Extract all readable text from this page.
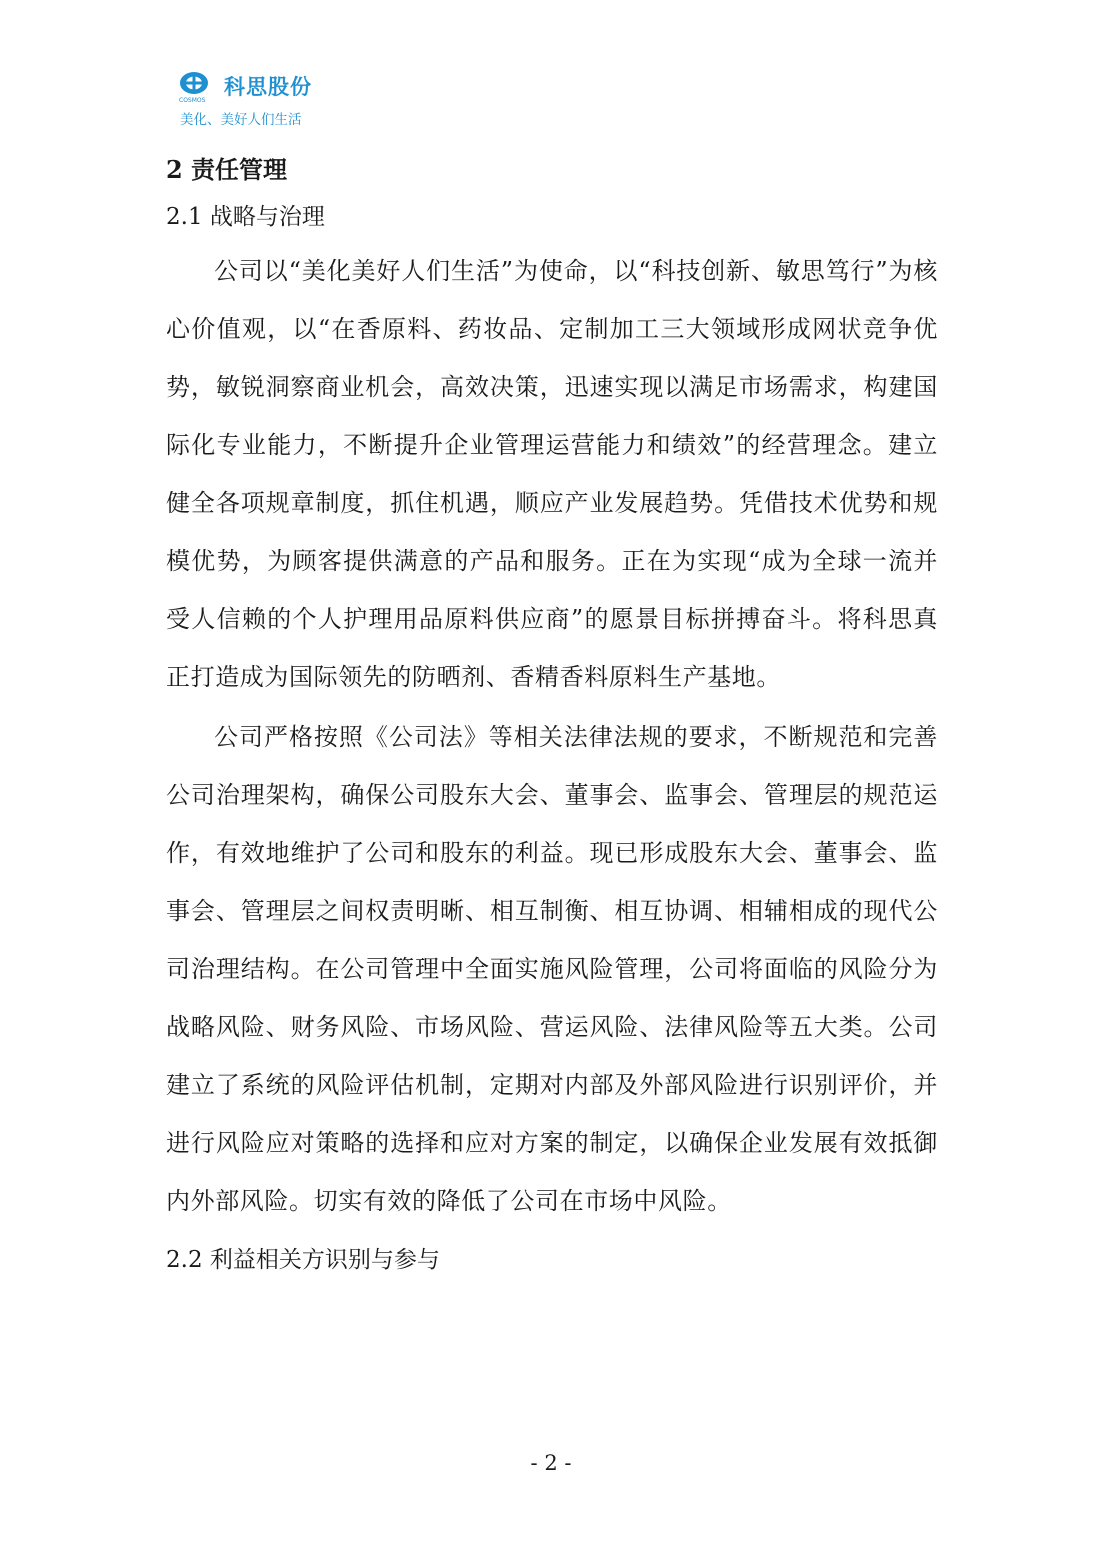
COSMOS
科思股份
美化、美好人们生活
2 责任管理
2.1 战略与治理

公司以“美化美好人们生活”为使命，以“科技创新、敏思笃行”为核心价值观，以“在香原料、药妆品、定制加工三大领域形成网状竞争优势，敏锐洞察商业机会，高效决策，迅速实现以满足市场需求，构建国际化专业能力，不断提升企业管理运营能力和绩效”的经营理念。建立健全各项规章制度，抓住机遇，顺应产业发展趋势。凭借技术优势和规模优势，为顾客提供满意的产品和服务。正在为实现“成为全球一流并受人信赖的个人护理用品原料供应商”的愿景目标拼搏奋斗。将科思真正打造成为国际领先的防晒剂、香精香料原料生产基地。

公司严格按照《公司法》等相关法律法规的要求，不断规范和完善公司治理架构，确保公司股东大会、董事会、监事会、管理层的规范运作，有效地维护了公司和股东的利益。现已形成股东大会、董事会、监事会、管理层之间权责明晰、相互制衡、相互协调、相辅相成的现代公司治理结构。在公司管理中全面实施风险管理，公司将面临的风险分为战略风险、财务风险、市场风险、营运风险、法律风险等五大类。公司建立了系统的风险评估机制，定期对内部及外部风险进行识别评价，并进行风险应对策略的选择和应对方案的制定，以确保企业发展有效抵御内外部风险。切实有效的降低了公司在市场中风险。

2.2 利益相关方识别与参与
- 2 -
